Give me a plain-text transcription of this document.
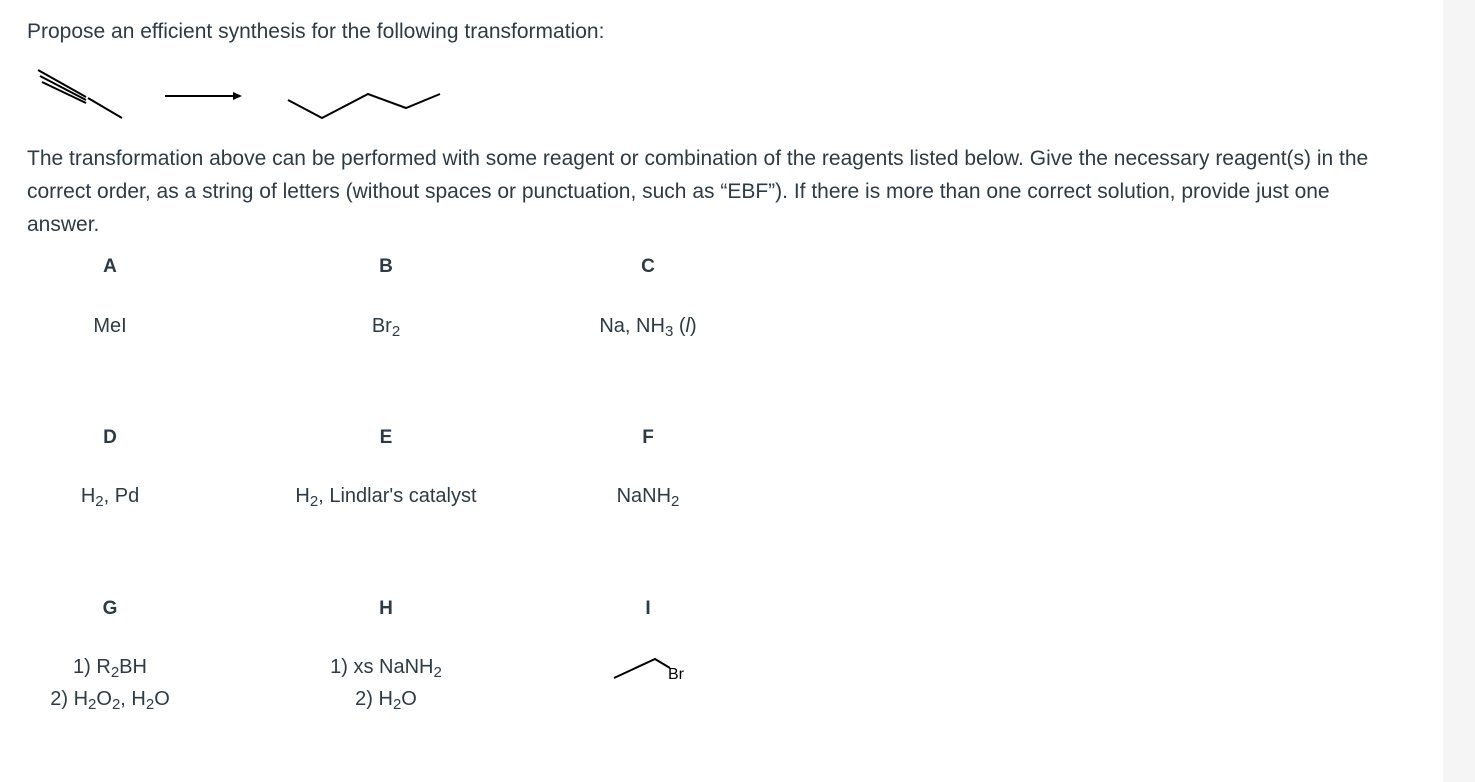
Propose an efficient synthesis for the following transformation:
The transformation above can be performed with some reagent or combination of the reagents listed below. Give the necessary reagent(s) in the correct order, as a string of letters (without spaces or punctuation, such as “EBF”). If there is more than one correct solution, provide just one answer.
A
MeI
B
$Br_2$
C
Na, $NH_3$ (l)
D
$H_2$, Pd
E
$H_2$, Lindlar's catalyst
F
NaNH$_2$
G
1) $R_2BH$
2) $H_2O_2$, $H_2O$
H
1) xs NaNH$_2$
2) $H_2O$
I
Br
